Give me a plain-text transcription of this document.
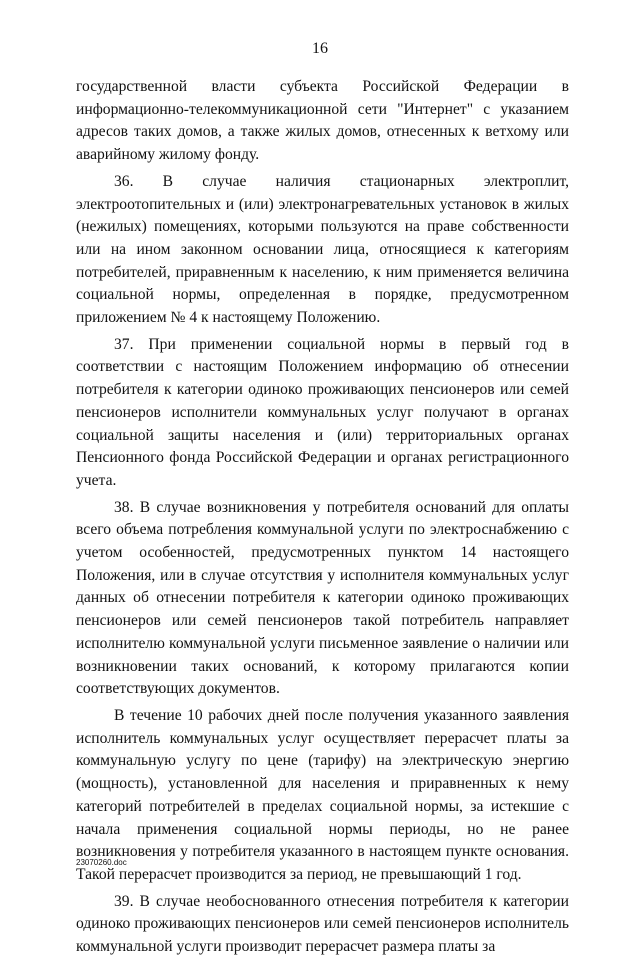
16

государственной власти субъекта Российской Федерации в информационно-телекоммуникационной сети "Интернет" с указанием адресов таких домов, а также жилых домов, отнесенных к ветхому или аварийному жилому фонду.

36. В случае наличия стационарных электроплит, электроотопительных и (или) электронагревательных установок в жилых (нежилых) помещениях, которыми пользуются на праве собственности или на ином законном основании лица, относящиеся к категориям потребителей, приравненным к населению, к ним применяется величина социальной нормы, определенная в порядке, предусмотренном приложением № 4 к настоящему Положению.

37. При применении социальной нормы в первый год в соответствии с настоящим Положением информацию об отнесении потребителя к категории одиноко проживающих пенсионеров или семей пенсионеров исполнители коммунальных услуг получают в органах социальной защиты населения и (или) территориальных органах Пенсионного фонда Российской Федерации и органах регистрационного учета.

38. В случае возникновения у потребителя оснований для оплаты всего объема потребления коммунальной услуги по электроснабжению с учетом особенностей, предусмотренных пунктом 14 настоящего Положения, или в случае отсутствия у исполнителя коммунальных услуг данных об отнесении потребителя к категории одиноко проживающих пенсионеров или семей пенсионеров такой потребитель направляет исполнителю коммунальной услуги письменное заявление о наличии или возникновении таких оснований, к которому прилагаются копии соответствующих документов.

В течение 10 рабочих дней после получения указанного заявления исполнитель коммунальных услуг осуществляет перерасчет платы за коммунальную услугу по цене (тарифу) на электрическую энергию (мощность), установленной для населения и приравненных к нему категорий потребителей в пределах социальной нормы, за истекшие с начала применения социальной нормы периоды, но не ранее возникновения у потребителя указанного в настоящем пункте основания. Такой перерасчет производится за период, не превышающий 1 год.

39. В случае необоснованного отнесения потребителя к категории одиноко проживающих пенсионеров или семей пенсионеров исполнитель коммунальной услуги производит перерасчет размера платы за

23070260.doc
